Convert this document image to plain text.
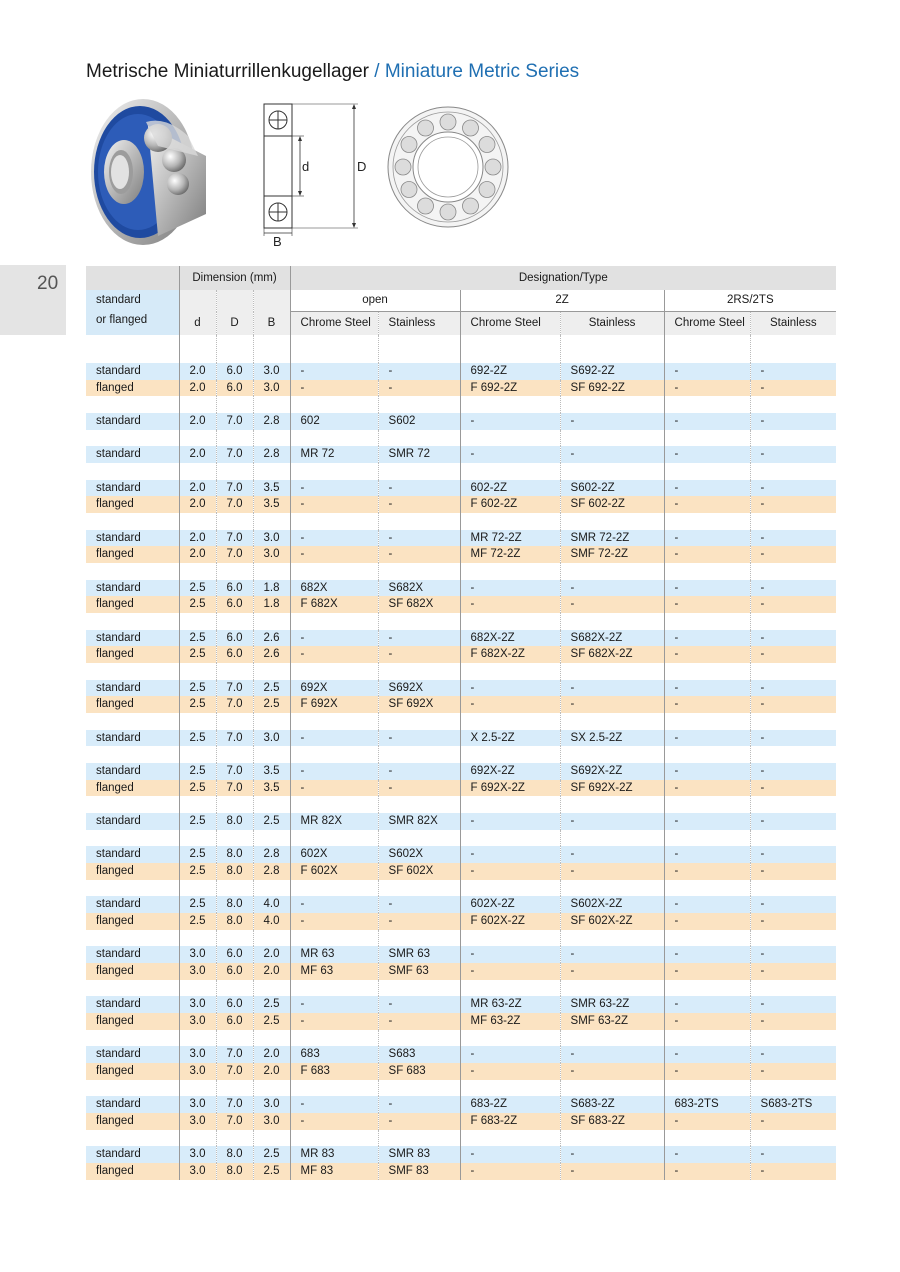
Metrische Miniaturrillenkugellager / Miniature Metric Series
d	D
B
20
		Dimension (mm)			Designation/Type					
standard				open		2Z		2RS/2TS	
or flanged	d	D	B	Chrome Steel	Stainless	Chrome Steel	Stainless	Chrome Steel	Stainless

standard	2.0	6.0	3.0	-	-	692-2Z	S692-2Z	-	-
flanged	2.0	6.0	3.0	-	-	F 692-2Z	SF 692-2Z	-	-

standard	2.0	7.0	2.8	602	S602	-	-	-	-

standard	2.0	7.0	2.8	MR 72	SMR 72	-	-	-	-

standard	2.0	7.0	3.5	-	-	602-2Z	S602-2Z	-	-
flanged	2.0	7.0	3.5	-	-	F 602-2Z	SF 602-2Z	-	-

standard	2.0	7.0	3.0	-	-	MR 72-2Z	SMR 72-2Z	-	-
flanged	2.0	7.0	3.0	-	-	MF 72-2Z	SMF 72-2Z	-	-

standard	2.5	6.0	1.8	682X	S682X	-	-	-	-
flanged	2.5	6.0	1.8	F 682X	SF 682X	-	-	-	-

standard	2.5	6.0	2.6	-	-	682X-2Z	S682X-2Z	-	-
flanged	2.5	6.0	2.6	-	-	F 682X-2Z	SF 682X-2Z	-	-

standard	2.5	7.0	2.5	692X	S692X	-	-	-	-
flanged	2.5	7.0	2.5	F 692X	SF 692X	-	-	-	-

standard	2.5	7.0	3.0	-	-	X 2.5-2Z	SX 2.5-2Z	-	-

standard	2.5	7.0	3.5	-	-	692X-2Z	S692X-2Z	-	-
flanged	2.5	7.0	3.5	-	-	F 692X-2Z	SF 692X-2Z	-	-

standard	2.5	8.0	2.5	MR 82X	SMR 82X	-	-	-	-

standard	2.5	8.0	2.8	602X	S602X	-	-	-	-
flanged	2.5	8.0	2.8	F 602X	SF 602X	-	-	-	-

standard	2.5	8.0	4.0	-	-	602X-2Z	S602X-2Z	-	-
flanged	2.5	8.0	4.0	-	-	F 602X-2Z	SF 602X-2Z	-	-

standard	3.0	6.0	2.0	MR 63	SMR 63	-	-	-	-
flanged	3.0	6.0	2.0	MF 63	SMF 63	-	-	-	-

standard	3.0	6.0	2.5	-	-	MR 63-2Z	SMR 63-2Z	-	-
flanged	3.0	6.0	2.5	-	-	MF 63-2Z	SMF 63-2Z	-	-

standard	3.0	7.0	2.0	683	S683	-	-	-	-
flanged	3.0	7.0	2.0	F 683	SF 683	-	-	-	-

standard	3.0	7.0	3.0	-	-	683-2Z	S683-2Z	683-2TS	S683-2TS
flanged	3.0	7.0	3.0	-	-	F 683-2Z	SF 683-2Z	-	-

standard	3.0	8.0	2.5	MR 83	SMR 83	-	-	-	-
flanged	3.0	8.0	2.5	MF 83	SMF 83	-	-	-	-
